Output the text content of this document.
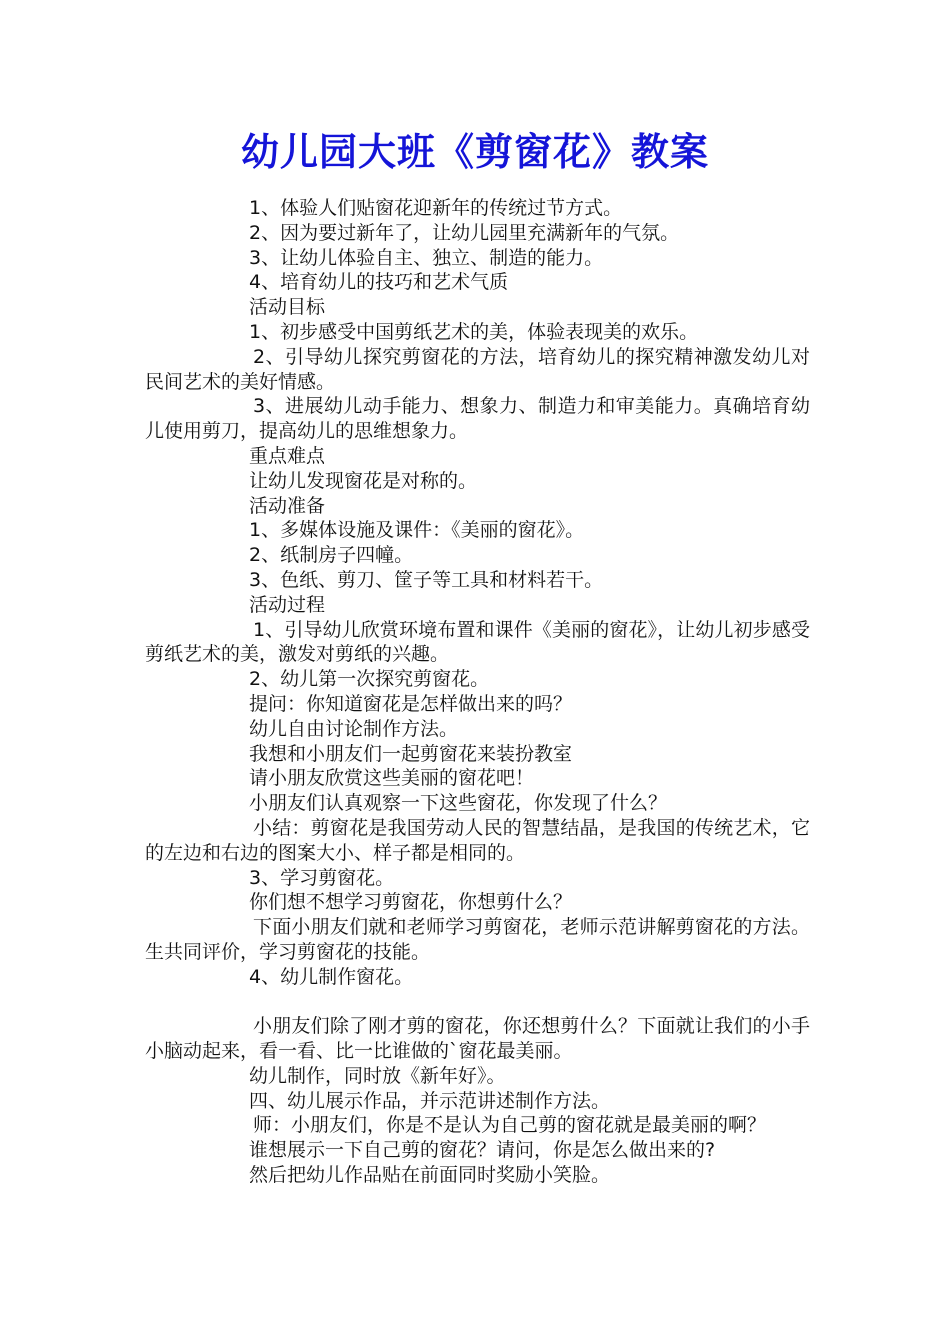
幼儿园大班《剪窗花》教案

1、体验人们贴窗花迎新年的传统过节方式。

2、因为要过新年了，让幼儿园里充满新年的气氛。

3、让幼儿体验自主、独立、制造的能力。

4、培育幼儿的技巧和艺术气质

活动目标

1、初步感受中国剪纸艺术的美，体验表现美的欢乐。

2、引导幼儿探究剪窗花的方法，培育幼儿的探究精神激发幼儿对民间艺术的美好情感。

3、进展幼儿动手能力、想象力、制造力和审美能力。真确培育幼儿使用剪刀，提高幼儿的思维想象力。

重点难点

让幼儿发现窗花是对称的。

活动准备

1、多媒体设施及课件：《美丽的窗花》。

2、纸制房子四幢。

3、色纸、剪刀、筐子等工具和材料若干。

活动过程

1、引导幼儿欣赏环境布置和课件《美丽的窗花》，让幼儿初步感受剪纸艺术的美，激发对剪纸的兴趣。

2、幼儿第一次探究剪窗花。

提问：你知道窗花是怎样做出来的吗？

幼儿自由讨论制作方法。

我想和小朋友们一起剪窗花来装扮教室

请小朋友欣赏这些美丽的窗花吧！

小朋友们认真观察一下这些窗花，你发现了什么？

小结：剪窗花是我国劳动人民的智慧结晶，是我国的传统艺术，它的左边和右边的图案大小、样子都是相同的。

3、学习剪窗花。

你们想不想学习剪窗花，你想剪什么？

下面小朋友们就和老师学习剪窗花，老师示范讲解剪窗花的方法。生共同评价，学习剪窗花的技能。

4、幼儿制作窗花。

小朋友们除了刚才剪的窗花，你还想剪什么？下面就让我们的小手小脑动起来，看一看、比一比谁做的`窗花最美丽。

幼儿制作，同时放《新年好》。

四、幼儿展示作品，并示范讲述制作方法。

师：小朋友们，你是不是认为自己剪的窗花就是最美丽的啊？

谁想展示一下自己剪的窗花？请问，你是怎么做出来的?

然后把幼儿作品贴在前面同时奖励小笑脸。
